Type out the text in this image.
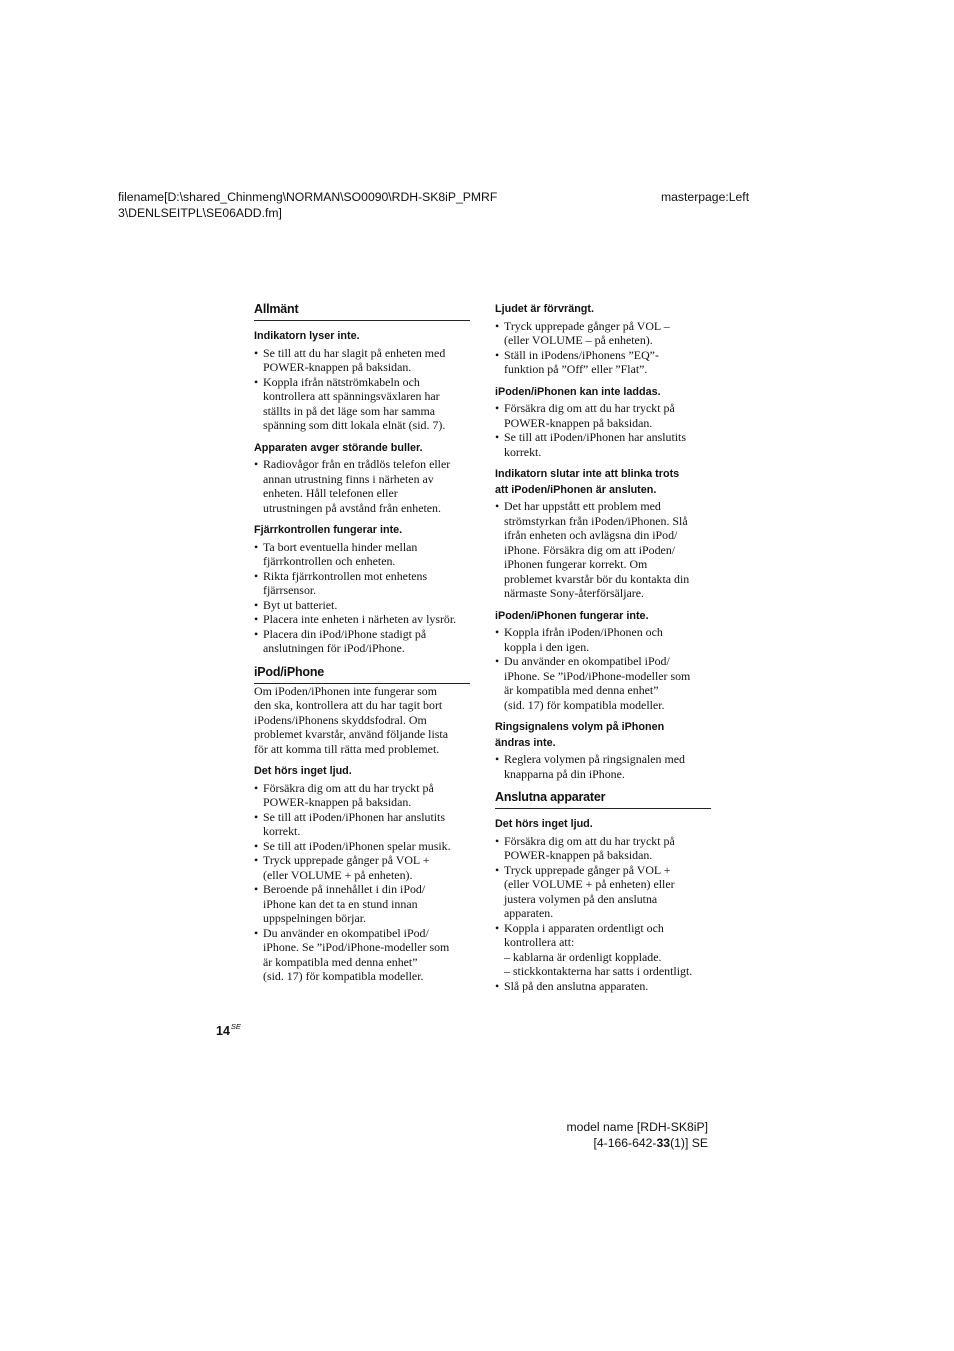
filename[D:\shared_Chinmeng\NORMAN\SO0090\RDH-SK8iP_PMRF
3\DENLSEITPL\SE06ADD.fm]
masterpage:Left
Allmänt
Indikatorn lyser inte.
• Se till att du har slagit på enheten med
POWER-knappen på baksidan.
• Koppla ifrån nätströmkabeln och
kontrollera att spänningsväxlaren har
ställts in på det läge som har samma
spänning som ditt lokala elnät (sid. 7).
Apparaten avger störande buller.
• Radiovågor från en trådlös telefon eller
annan utrustning finns i närheten av
enheten. Håll telefonen eller
utrustningen på avstånd från enheten.
Fjärrkontrollen fungerar inte.
• Ta bort eventuella hinder mellan
fjärrkontrollen och enheten.
• Rikta fjärrkontrollen mot enhetens
fjärrsensor.
• Byt ut batteriet.
• Placera inte enheten i närheten av lysrör.
• Placera din iPod/iPhone stadigt på
anslutningen för iPod/iPhone.
iPod/iPhone

Om iPoden/iPhonen inte fungerar som
den ska, kontrollera att du har tagit bort
iPodens/iPhonens skyddsfodral. Om
problemet kvarstår, använd följande lista
för att komma till rätta med problemet.

Det hörs inget ljud.
• Försäkra dig om att du har tryckt på
POWER-knappen på baksidan.
• Se till att iPoden/iPhonen har anslutits
korrekt.
• Se till att iPoden/iPhonen spelar musik.
• Tryck upprepade gånger på VOL +
(eller VOLUME + på enheten).
• Beroende på innehållet i din iPod/
iPhone kan det ta en stund innan
uppspelningen börjar.
• Du använder en okompatibel iPod/
iPhone. Se ”iPod/iPhone-modeller som
är kompatibla med denna enhet”
(sid. 17) för kompatibla modeller.
Ljudet är förvrängt.
• Tryck upprepade gånger på VOL –
(eller VOLUME – på enheten).
• Ställ in iPodens/iPhonens ”EQ”-
funktion på ”Off” eller ”Flat”.
iPoden/iPhonen kan inte laddas.
• Försäkra dig om att du har tryckt på
POWER-knappen på baksidan.
• Se till att iPoden/iPhonen har anslutits
korrekt.
Indikatorn slutar inte att blinka trots
att iPoden/iPhonen är ansluten.
• Det har uppstått ett problem med
strömstyrkan från iPoden/iPhonen. Slå
ifrån enheten och avlägsna din iPod/
iPhone. Försäkra dig om att iPoden/
iPhonen fungerar korrekt. Om
problemet kvarstår bör du kontakta din
närmaste Sony-återförsäljare.
iPoden/iPhonen fungerar inte.
• Koppla ifrån iPoden/iPhonen och
koppla i den igen.
• Du använder en okompatibel iPod/
iPhone. Se ”iPod/iPhone-modeller som
är kompatibla med denna enhet”
(sid. 17) för kompatibla modeller.
Ringsignalens volym på iPhonen
ändras inte.
• Reglera volymen på ringsignalen med
knapparna på din iPhone.
Anslutna apparater
Det hörs inget ljud.
• Försäkra dig om att du har tryckt på
POWER-knappen på baksidan.
• Tryck upprepade gånger på VOL +
(eller VOLUME + på enheten) eller
justera volymen på den anslutna
apparaten.
• Koppla i apparaten ordentligt och
kontrollera att:
– kablarna är ordenligt kopplade.
– stickkontakterna har satts i ordentligt.
• Slå på den anslutna apparaten.
$14^{SE}$
model name [RDH-SK8iP]
[4-166-642-33(1)] SE
